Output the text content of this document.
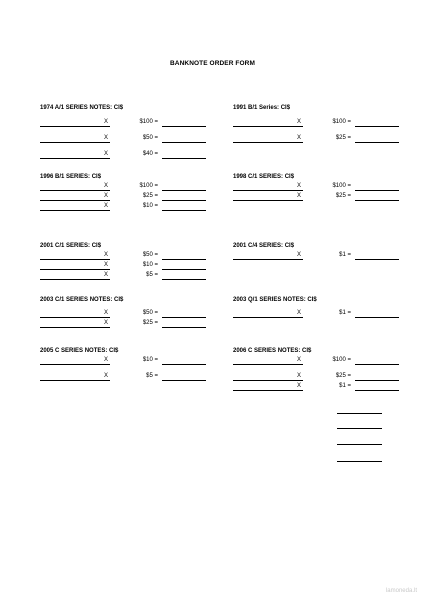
BANKNOTE ORDER FORM
1974 A/1 SERIES NOTES: CI$
X	$100 =
X	$50 =
X	$40 =
1996 B/1 SERIES: CI$
X	$100 =
X	$25 =
X	$10 =
2001 C/1 SERIES: CI$
X	$50 =
X	$10 =
X	$5 =
2003 C/1 SERIES NOTES: CI$
X	$50 =
X	$25 =
2005 C SERIES NOTES: CI$
X	$10 =
X	$5 =
1991 B/1 Series: CI$
X	$100 =
X	$25 =
1998 C/1 SERIES: CI$
X	$100 =
X	$25 =
2001 C/4 SERIES: CI$
X	$1 =
2003 Q/1 SERIES NOTES: CI$
X	$1 =
2006 C SERIES NOTES: CI$
X	$100 =
X	$25 =
X	$1 =
lamoneda.lt
